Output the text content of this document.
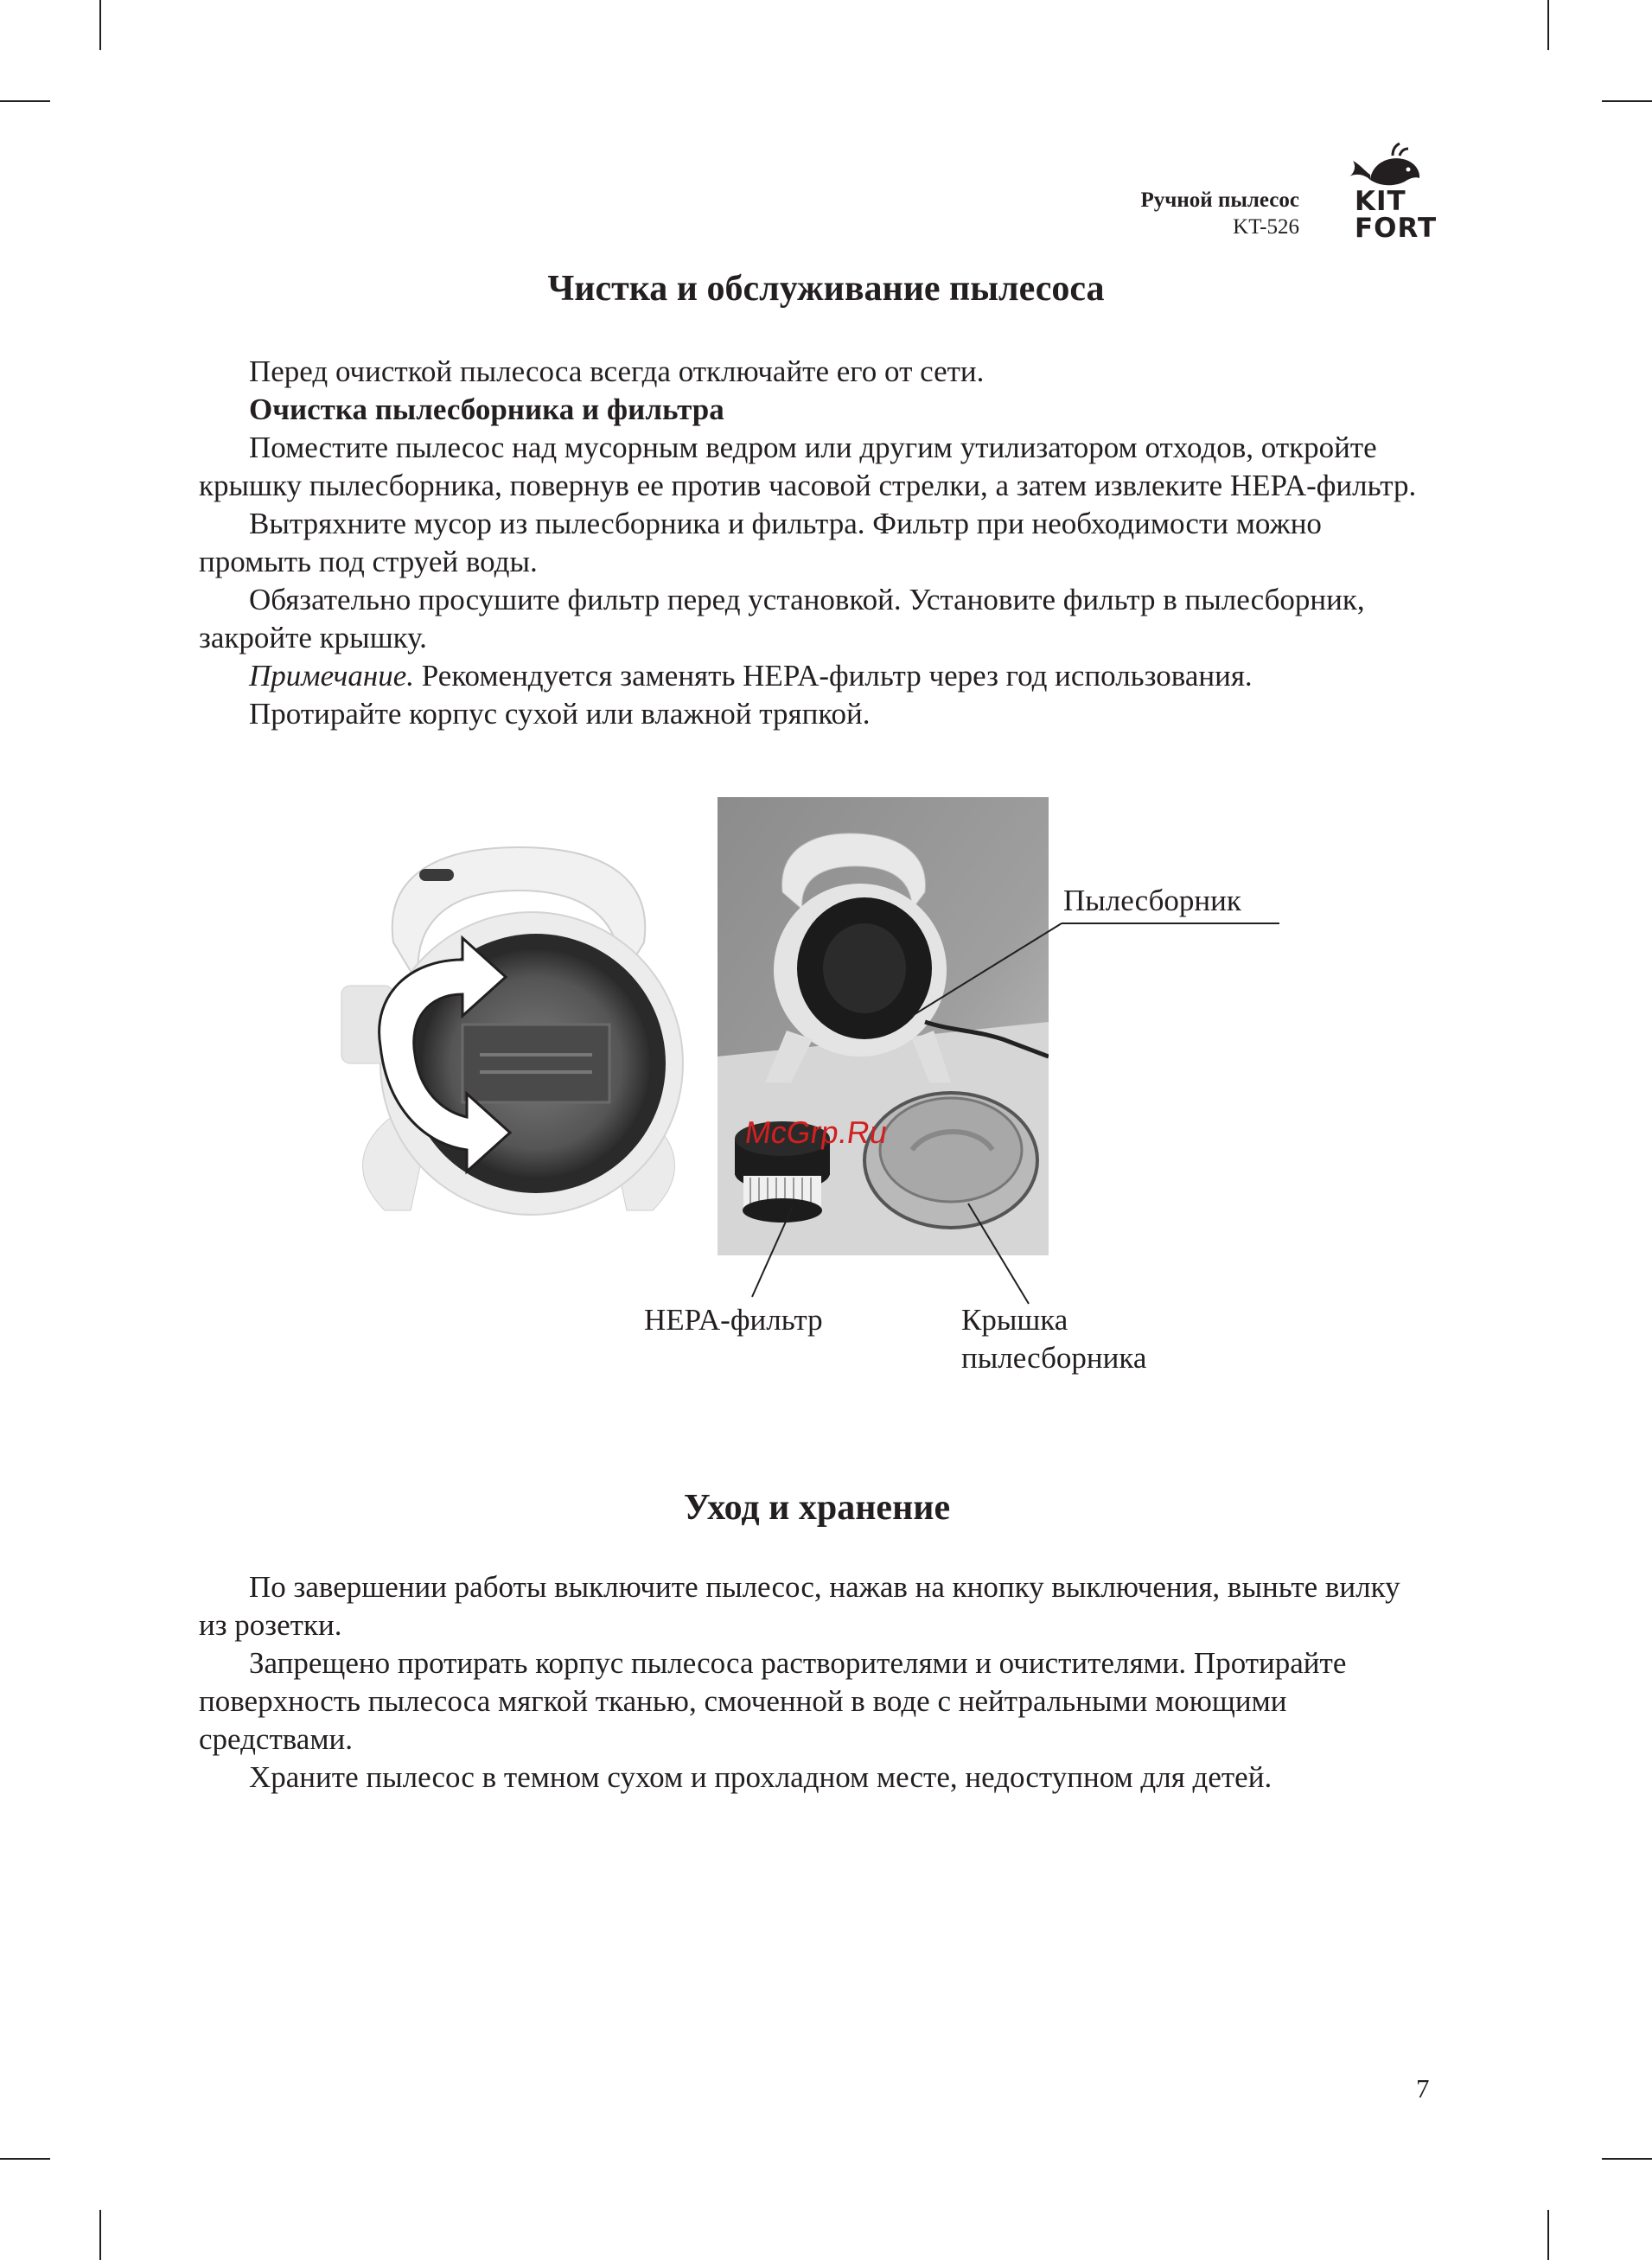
Ручной пылесос
KT-526
KIT
FORT
Чистка и обслуживание пылесоса

Перед очисткой пылесоса всегда отключайте его от сети.

Очистка пылесборника и фильтра

Поместите пылесос над мусорным ведром или другим утилизатором отходов, откройте крышку пылесборника, повернув ее против часовой стрелки, а затем извлеките HEPA-фильтр.

Вытряхните мусор из пылесборника и фильтра. Фильтр при необходимости можно промыть под струей воды.

Обязательно просушите фильтр перед установкой. Установите фильтр в пылесборник, закройте крышку.

Примечание. Рекомендуется заменять HEPA-фильтр через год использования.

Протирайте корпус сухой или влажной тряпкой.

McGrp.Ru
Пылесборник
HEPA-фильтр	Крышка
пылесборника
Уход и хранение

По завершении работы выключите пылесос, нажав на кнопку выключения, выньте вилку из розетки.

Запрещено протирать корпус пылесоса растворителями и очистителями. Протирайте поверхность пылесоса мягкой тканью, смоченной в воде с нейтральными моющими средствами.

Храните пылесос в темном сухом и прохладном месте, недоступном для детей.

7
